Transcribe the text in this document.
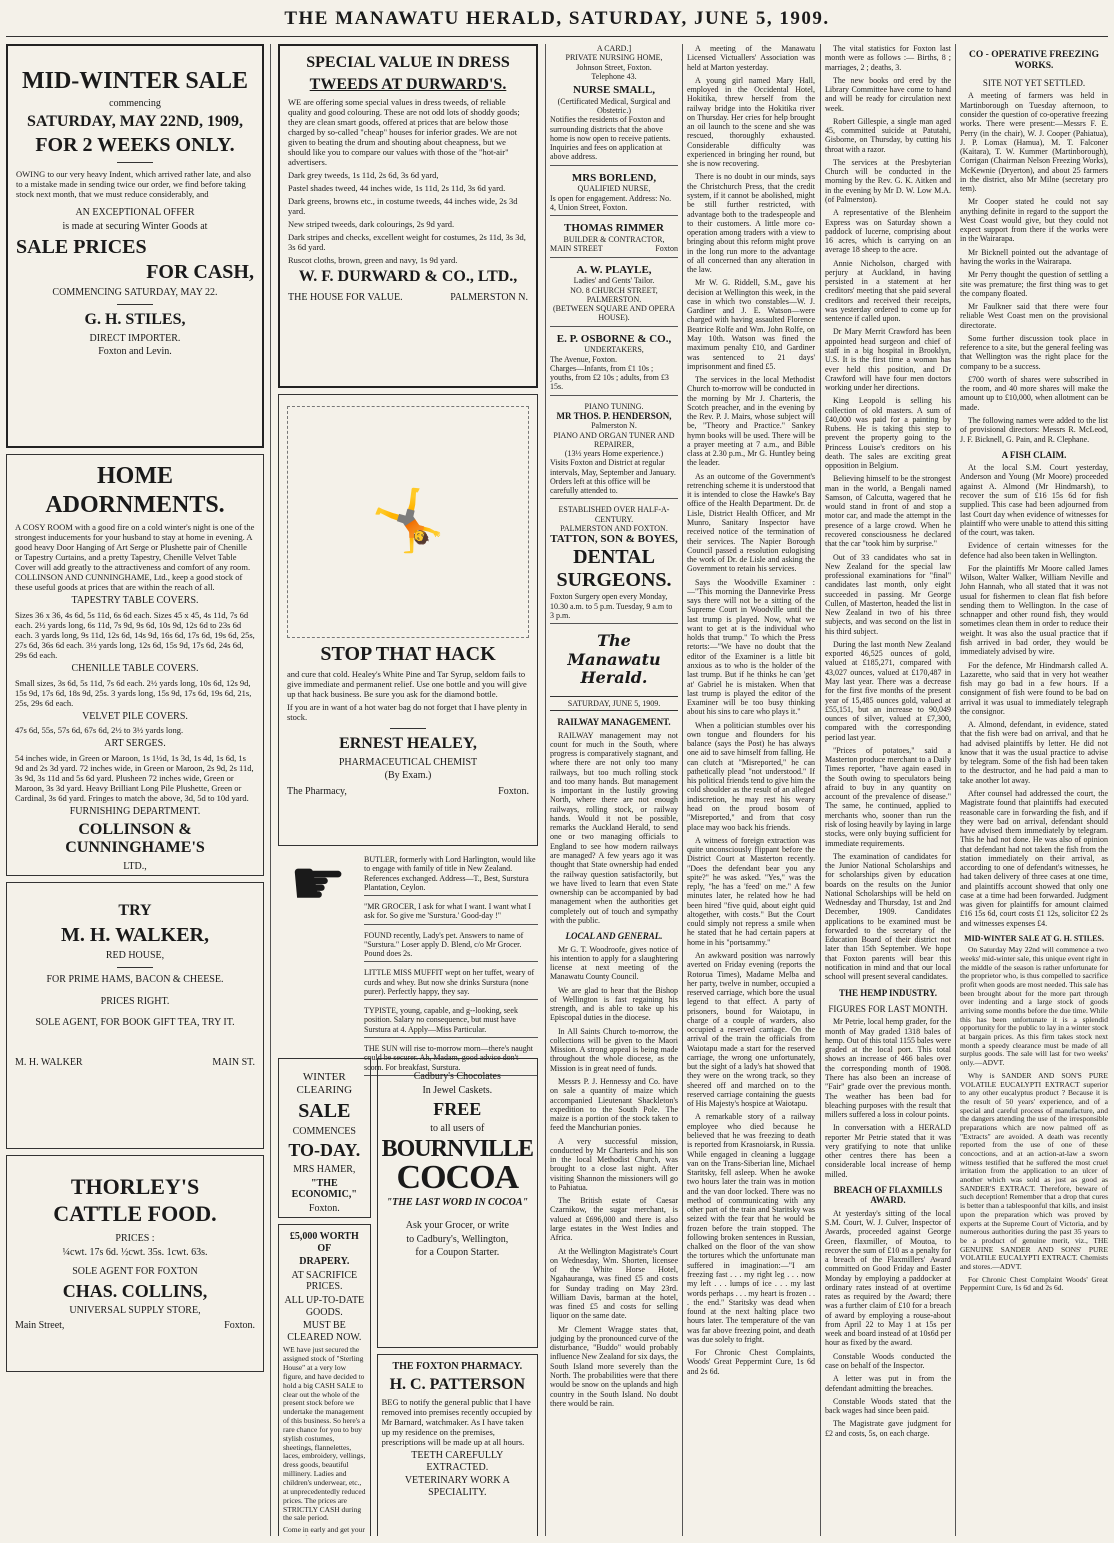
THE MANAWATU HERALD, SATURDAY, JUNE 5, 1909.
MID-WINTER SALE
commencing
SATURDAY, MAY 22ND, 1909,
FOR 2 WEEKS ONLY.
OWING to our very heavy Indent, which arrived rather late, and also to a mistake made in sending twice our order, we find before taking stock next month, that we must reduce considerably, and
AN EXCEPTIONAL OFFER
is made at securing Winter Goods at
SALE PRICES
FOR CASH,
COMMENCING SATURDAY, MAY 22.
G. H. STILES,
DIRECT IMPORTER.
Foxton and Levin.
HOME
ADORNMENTS.
A COSY ROOM with a good fire on a cold winter's night is one of the strongest inducements for your husband to stay at home in evening. A good heavy Door Hanging of Art Serge or Plushette pair of Chenille or Tapestry Curtains, and a pretty Tapestry, Chenille Velvet Table Cover will add greatly to the attractiveness and comfort of any room. COLLINSON AND CUNNINGHAME, Ltd., keep a good stock of these useful goods at prices that are within the reach of all.
TAPESTRY TABLE COVERS.
Sizes 36 x 36, 4s 6d, 5s 11d, 6s 6d each. Sizes 45 x 45, 4s 11d, 7s 6d each. 2½ yards long, 6s 11d, 7s 9d, 9s 6d, 10s 9d, 12s 6d to 23s 6d each. 3 yards long, 9s 11d, 12s 6d, 14s 9d, 16s 6d, 17s 6d, 19s 6d, 25s, 27s 6d, 36s 6d each. 3½ yards long, 12s 6d, 15s 9d, 17s 6d, 24s 6d, 29s 6d each.
CHENILLE TABLE COVERS.
Small sizes, 3s 6d, 5s 11d, 7s 6d each. 2½ yards long, 10s 6d, 12s 9d, 15s 9d, 17s 6d, 18s 9d, 25s. 3 yards long, 15s 9d, 17s 6d, 19s 6d, 21s, 25s, 29s 6d each.
VELVET PILE COVERS.
47s 6d, 55s, 57s 6d, 67s 6d, 2½ to 3½ yards long.
ART SERGES.
54 inches wide, in Green or Maroon, 1s 1½d, 1s 3d, 1s 4d, 1s 6d, 1s 9d and 2s 3d yard. 72 inches wide, in Green or Maroon, 2s 9d, 2s 11d, 3s 9d, 3s 11d and 5s 6d yard. Plusheen 72 inches wide, Green or Maroon, 3s 3d yard. Heavy Brilliant Long Pile Plushette, Green or Cardinal, 3s 6d yard. Fringes to match the above, 3d, 5d to 10d yard.
FURNISHING DEPARTMENT.
COLLINSON & CUNNINGHAME'S
LTD.,
TRY
M. H. WALKER,
RED HOUSE,
FOR PRIME HAMS, BACON & CHEESE.
PRICES RIGHT.
SOLE AGENT, FOR BOOK GIFT TEA, TRY IT.
M. H. WALKER	MAIN ST.
THORLEY'S
CATTLE FOOD.
PRICES :
¼cwt. 17s 6d. ½cwt. 35s. 1cwt. 63s.
SOLE AGENT FOR FOXTON
CHAS. COLLINS,
UNIVERSAL SUPPLY STORE,
Main Street,	Foxton.
SPECIAL VALUE IN DRESS
TWEEDS AT DURWARD'S.
WE are offering some special values in dress tweeds, of reliable quality and good colouring. These are not odd lots of shoddy goods; they are clean smart goods, offered at prices that are below those charged by so-called "cheap" houses for inferior grades. We are not given to beating the drum and shouting about cheapness, but we should like you to compare our values with those of the "hot-air" advertisers.
Dark grey tweeds, 1s 11d, 2s 6d, 3s 6d yard,
Pastel shades tweed, 44 inches wide, 1s 11d, 2s 11d, 3s 6d yard.
Dark greens, browns etc., in costume tweeds, 44 inches wide, 2s 3d yard.
New striped tweeds, dark colourings, 2s 9d yard.
Dark stripes and checks, excellent weight for costumes, 2s 11d, 3s 3d, 3s 6d yard.
Ruscot cloths, brown, green and navy, 1s 9d yard.
W. F. DURWARD & CO., LTD.,
THE HOUSE FOR VALUE.	PALMERSTON N.
🤸
STOP THAT HACK
and cure that cold. Healey's White Pine and Tar Syrup, seldom fails to give immediate and permanent relief. Use one bottle and you will give up that hack business. Be sure you ask for the diamond bottle.
If you are in want of a hot water bag do not forget that I have plenty in stock.
ERNEST HEALEY,
PHARMACEUTICAL CHEMIST
(By Exam.)
The Pharmacy,	Foxton.
☛	BUTLER, formerly with Lord Harlington, would like to engage with family of title in New Zealand. References exchanged. Address—T., Best, Surstura Plantation, Ceylon.
"MR GROCER, I ask for what I want. I want what I ask for. So give me 'Surstura.' Good-day !"
FOUND recently, Lady's pet. Answers to name of "Surstura." Loser apply D. Blend, c/o Mr Grocer. Pound does 2s.
LITTLE MISS MUFFIT wept on her tuffet, weary of curds and whey. But now she drinks Surstura (none purer). Perfectly happy, they say.
TYPISTE, young, capable, and g--looking, seek position. Salary no consequence, but must have Surstura at 4. Apply—Miss Particular.
THE SUN will rise to-morrow morn—there's naught could be securer. Ah, Madam, good advice don't scorn. For breakfast, Surstura.
WINTER CLEARING
SALE
COMMENCES
TO-DAY.
MRS HAMER,
"THE ECONOMIC,"
Foxton.
£5,000 WORTH OF
DRAPERY.
AT SACRIFICE PRICES.
ALL UP-TO-DATE GOODS.
MUST BE CLEARED NOW.
WE have just secured the assigned stock of "Sterling House" at a very low figure, and have decided to hold a big CASH SALE to clear out the whole of the present stock before we undertake the management of this business. So here's a rare chance for you to buy stylish costumes, sheetings, flannelettes, laces, embroidery, vellings, dress goods, beautiful millinery. Ladies and children's underwear, etc., at unprecedentedly reduced prices. The prices are STRICTLY CASH during the sale period.
Come in early and get your
Cadbury's Chocolates
In Jewel Caskets.
FREE
to all users of
BOURNVILLE
COCOA
"THE LAST WORD IN COCOA"
Ask your Grocer, or write
to Cadbury's, Wellington,
for a Coupon Starter.
THE FOXTON PHARMACY.
H. C. PATTERSON
BEG to notify the general public that I have removed into premises recently occupied by Mr Barnard, watchmaker. As I have taken up my residence on the premises, prescriptions will be made up at all hours.
TEETH CAREFULLY EXTRACTED.
VETERINARY WORK A SPECIALITY.
A CARD.]
PRIVATE NURSING HOME,
Johnson Street, Foxton.
Telephone 43.
NURSE SMALL,
(Certificated Medical, Surgical and Obstetric.)
Notifies the residents of Foxton and surrounding districts that the above home is now open to receive patients. Inquiries and fees on application at above address.
MRS BORLEND,
QUALIFIED NURSE,
Is open for engagement. Address: No. 4, Union Street, Foxton.
THOMAS RIMMER
BUILDER & CONTRACTOR,
MAIN STREET	Foxton
A. W. PLAYLE,
Ladies' and Gents' Tailor.
NO. 8 CHURCH STREET, PALMERSTON.
(BETWEEN SQUARE AND OPERA HOUSE).
E. P. OSBORNE & CO.,
UNDERTAKERS,
The Avenue, Foxton.
Charges—Infants, from £1 10s ; youths, from £2 10s ; adults, from £3 15s.
PIANO TUNING.
MR THOS. P. HENDERSON,
Palmerston N.
PIANO AND ORGAN TUNER AND REPAIRER,
(13½ years Home experience.)
Visits Foxton and District at regular intervals, May, September and January. Orders left at this office will be carefully attended to.
ESTABLISHED OVER HALF-A-CENTURY.
PALMERSTON AND FOXTON.
TATTON, SON & BOYES,
DENTAL
SURGEONS.
Foxton Surgery open every Monday, 10.30 a.m. to 5 p.m. Tuesday, 9 a.m to 3 p.m.
The Manawatu Herald.
SATURDAY, JUNE 5, 1909.
RAILWAY MANAGEMENT.
RAILWAY management may not count for much in the South, where progress is comparatively stagnant, and where there are not only too many railways, but too much rolling stock and too many hands. But management is important in the lustily growing North, where there are not enough railways, rolling stock, or railway hands. Would it not be possible, remarks the Auckland Herald, to send one or two managing officials to England to see how modern railways are managed? A few years ago it was thought that State ownership had ended the railway question satisfactorily, but we have lived to learn that even State ownership can be accompanied by bad management when the authorities get completely out of touch and sympathy with the public.
LOCAL AND GENERAL.
Mr G. T. Woodroofe, gives notice of his intention to apply for a slaughtering license at next meeting of the Manawatu County Council.
We are glad to hear that the Bishop of Wellington is fast regaining his strength, and is able to take up his Episcopal duties in the diocese.
In All Saints Church to-morrow, the collections will be given to the Maori Mission. A strong appeal is being made throughout the whole diocese, as the Mission is in great need of funds.
Messrs P. J. Hennessy and Co. have on sale a quantity of maize which accompanied Lieutenant Shackleton's expedition to the South Pole. The maize is a portion of the stock taken to feed the Manchurian ponies.
A very successful mission, conducted by Mr Charteris and his son in the local Methodist Church, was brought to a close last night. After visiting Shannon the missioners will go to Pahiatua.
The British estate of Caesar Czarnikow, the sugar merchant, is valued at £696,000 and there is also large estates in the West Indies and Africa.
At the Wellington Magistrate's Court on Wednesday, Wm. Shorten, licensee of the White Horse Hotel, Ngahauranga, was fined £5 and costs for Sunday trading on May 23rd. William Davis, barman at the hotel, was fined £5 and costs for selling liquor on the same date.
Mr Clement Wragge states that, judging by the pronounced curve of the disturbance, "Buddo" would probably influence New Zealand for six days, the South Island more severely than the North. The probabilities were that there would be snow on the uplands and high country in the South Island. No doubt there would be rain.
A meeting of the Manawatu Licensed Victuallers' Association was held at Marton yesterday.
A young girl named Mary Hall, employed in the Occidental Hotel, Hokitika, threw herself from the railway bridge into the Hokitika river on Thursday. Her cries for help brought an oil launch to the scene and she was rescued, thoroughly exhausted. Considerable difficulty was experienced in bringing her round, but she is now recovering.
There is no doubt in our minds, says the Christchurch Press, that the credit system, if it cannot be abolished, might be still further restricted, with advantage both to the tradespeople and to their customers. A little more co-operation among traders with a view to bringing about this reform might prove in the long run more to the advantage of all concerned than any alteration in the law.
Mr W. G. Riddell, S.M., gave his decision at Wellington this week, in the case in which two constables—W. J. Gardiner and J. E. Watson—were charged with having assaulted Florence Beatrice Rolfe and Wm. John Rolfe, on May 10th. Watson was fined the maximum penalty £10, and Gardiner was sentenced to 21 days' imprisonment and fined £5.
The services in the local Methodist Church to-morrow will be conducted in the morning by Mr J. Charteris, the Scotch preacher, and in the evening by the Rev. P. J. Mairs, whose subject will be, "Theory and Practice." Sankey hymn books will be used. There will be a prayer meeting at 7 a.m., and Bible class at 2.30 p.m., Mr G. Huntley being the leader.
As an outcome of the Government's retrenching scheme it is understood that it is intended to close the Hawke's Bay office of the Health Department. Dr. de Lisle, District Health Officer, and Mr Munro, Sanitary Inspector have received notice of the termination of their services. The Napier Borough Council passed a resolution eulogising the work of Dr. de Lisle and asking the Government to retain his services.
Says the Woodville Examiner :—"This morning the Dannevirke Press says there will not be a sitting of the Supreme Court in Woodville until the last trump is played. Now, what we want to get at is the individual who holds that trump." To which the Press retorts:—"We have no doubt that the editor of the Examiner is a little bit anxious as to who is the holder of the last trump. But if he thinks he can 'get at' Gabriel he is mistaken. When that last trump is played the editor of the Examiner will be too busy thinking about his sins to care who plays it."
When a politician stumbles over his own tongue and flounders for his balance (says the Post) he has always one aid to save himself from falling. He can clutch at "Misreported," he can pathetically plead "not understood." If his political friends tend to give him the cold shoulder as the result of an alleged indiscretion, he may rest his weary head on the proud bosom of "Misreported," and from that cosy place may woo back his friends.
A witness of foreign extraction was quite unconsciously flippant before the District Court at Masterton recently. "Does the defendant bear you any spite?" he was asked. "Yes," was the reply, "he has a 'feed' on me." A few minutes later, he related how he had been hired "five quid, about eight quid altogether, with costs." But the Court could simply not repress a smile when he stated that he had certain papers at home in his "portsammy."
An awkward position was narrowly averted on Friday evening (reports the Rotorua Times), Madame Melba and her party, twelve in number, occupied a reserved carriage, which bore the usual legend to that effect. A party of prisoners, bound for Waiotapu, in charge of a couple of warders, also occupied a reserved carriage. On the arrival of the train the officials from Waiotapu made a start for the reserved carriage, the wrong one unfortunately, but the sight of a lady's hat showed that they were on the wrong track, so they sheered off and marched on to the reserved carriage containing the guests of His Majesty's hospice at Waiotapu.
A remarkable story of a railway employee who died because he believed that he was freezing to death is reported from Krasnoiarsk, in Russia. While engaged in cleaning a luggage van on the Trans-Siberian line, Michael Staritsky, fell asleep. When he awoke two hours later the train was in motion and the van door locked. There was no method of communicating with any other part of the train and Staritsky was seized with the fear that he would be frozen before the train stopped. The following broken sentences in Russian, chalked on the floor of the van show the tortures which the unfortunate man suffered in imagination:—"I am freezing fast . . . my right leg . . . now my left . . . lumps of ice . . . my last words perhaps . . . my heart is frozen . . . the end." Staritsky was dead when found at the next halting place two hours later. The temperature of the van was far above freezing point, and death was due solely to fright.
For Chronic Chest Complaints, Woods' Great Peppermint Cure, 1s 6d and 2s 6d.
The vital statistics for Foxton last month were as follows :— Births, 8 ; marriages, 2 ; deaths, 3.
The new books ord ered by the Library Committee have come to hand and will be ready for circulation next week.
Robert Gillespie, a single man aged 45, committed suicide at Patutahi, Gisborne, on Thursday, by cutting his throat with a razor.
The services at the Presbyterian Church will be conducted in the morning by the Rev. G. K. Aitken and in the evening by Mr D. W. Low M.A. (of Palmerston).
A representative of the Blenheim Express was on Saturday shown a paddock of lucerne, comprising about 16 acres, which is carrying on an average 18 sheep to the acre.
Annie Nicholson, charged with perjury at Auckland, in having persisted in a statement at her creditors' meeting that she paid several creditors and received their receipts, was yesterday ordered to come up for sentence if called upon.
Dr Mary Merrit Crawford has been appointed head surgeon and chief of staff in a big hospital in Brooklyn, U.S. It is the first time a woman has ever held this position, and Dr Crawford will have four men doctors working under her directions.
King Leopold is selling his collection of old masters. A sum of £40,000 was paid for a painting by Rubens. He is taking this step to prevent the property going to the Princess Louise's creditors on his death. The sales are exciting great opposition in Belgium.
Believing himself to be the strongest man in the world, a Bengali named Samson, of Calcutta, wagered that he would stand in front of and stop a motor car, and made the attempt in the presence of a large crowd. When he recovered consciousness he declared that the car "took him by surprise."
Out of 33 candidates who sat in New Zealand for the special law professional examinations for "final" candidates last month, only eight succeeded in passing. Mr George Cullen, of Masterton, headed the list in New Zealand in two of his three subjects, and was second on the list in his third subject.
During the last month New Zealand exported 46,525 ounces of gold, valued at £185,271, compared with 43,027 ounces, valued at £170,487 in May last year. There was a decrease for the first five months of the present year of 15,485 ounces gold, valued at £55,151, but an increase to 90,049 ounces of silver, valued at £7,300, compared with the corresponding period last year.
"Prices of potatoes," said a Masterton produce merchant to a Daily Times reporter, "have again eased in the South owing to speculators being afraid to buy in any quantity on account of the prevalence of disease." The same, he continued, applied to merchants who, sooner than run the risk of losing heavily by laying in large stocks, were only buying sufficient for immediate requirements.
The examination of candidates for the Junior National Scholarships and for scholarships given by education boards on the results on the Junior National Scholarships will be held on Wednesday and Thursday, 1st and 2nd December, 1909. Candidates applications to be examined must be forwarded to the secretary of the Education Board of their district not later than 15th September. We hope that Foxton parents will bear this notification in mind and that our local school will present several candidates.
THE HEMP INDUSTRY.
FIGURES FOR LAST MONTH.
Mr Petrie, local hemp grader, for the month of May graded 1318 bales of hemp. Out of this total 1155 bales were graded at the local port. This total shows an increase of 466 bales over the corresponding month of 1908. There has also been an increase of "Fair" grade over the previous month. The weather has been bad for bleaching purposes with the result that millers suffered a loss in colour points.
In conversation with a HERALD reporter Mr Petrie stated that it was very gratifying to note that unlike other centres there has been a considerable local increase of hemp milled.
BREACH OF FLAXMILLS AWARD.
At yesterday's sitting of the local S.M. Court, W. J. Culver, Inspector of Awards, proceeded against George Green, flaxmiller, of Moutoa, to recover the sum of £10 as a penalty for a breach of the Flaxmillers' Award committed on Good Friday and Easter Monday by employing a paddocker at ordinary rates instead of at overtime rates as required by the Award; there was a further claim of £10 for a breach of award by employing a rouse-about from April 22 to May 1 at 15s per week and board instead of at 10s6d per hour as fixed by the award.
Constable Woods conducted the case on behalf of the Inspector.
A letter was put in from the defendant admitting the breaches.
Constable Woods stated that the back wages had since been paid.
The Magistrate gave judgment for £2 and costs, 5s, on each charge.
CO - OPERATIVE FREEZING WORKS.
SITE NOT YET SETTLED.
A meeting of farmers was held in Martinborough on Tuesday afternoon, to consider the question of co-operative freezing works. There were present:—Messrs F. E. Perry (in the chair), W. J. Cooper (Pahiatua), J. P. Lomax (Hamua), M. T. Falconer (Kaitara), T. W. Kummer (Martinborough), Corrigan (Chairman Nelson Freezing Works), McKewnie (Dryerton), and about 25 farmers in the district, also Mr Milne (secretary pro tem).
Mr Cooper stated he could not say anything definite in regard to the support the West Coast would give, but they could not expect support from there if the works were in the Wairarapa.
Mr Bicknell pointed out the advantage of having the works in the Wairarapa.
Mr Perry thought the question of settling a site was premature; the first thing was to get the company floated.
Mr Faulkner said that there were four reliable West Coast men on the provisional directorate.
Some further discussion took place in reference to a site, but the general feeling was that Wellington was the right place for the company to be a success.
£700 worth of shares were subscribed in the room, and 40 more shares will make the amount up to £10,000, when allotment can be made.
The following names were added to the list of provisional directors: Messrs R. McLeod, J. F. Bicknell, G. Pain, and R. Clephane.
A FISH CLAIM.
At the local S.M. Court yesterday, Anderson and Young (Mr Moore) proceeded against A. Almond (Mr Hindmarsh), to recover the sum of £16 15s 6d for fish supplied. This case had been adjourned from last Court day when evidence of witnesses for plaintiff who were unable to attend this sitting of the court, was taken.
Evidence of certain witnesses for the defence had also been taken in Wellington.
For the plaintiffs Mr Moore called James Wilson, Walter Walker, William Neville and John Hannah, who all stated that it was not usual for fishermen to clean flat fish before sending them to Wellington. In the case of schnapper and other round fish, they would sometimes clean them in order to reduce their weight. It was also the usual practice that if fish arrived in bad order, they would be immediately advised by wire.
For the defence, Mr Hindmarsh called A. Lazarette, who said that in very hot weather fish may go bad in a few hours. If a consignment of fish were found to be bad on arrival it was usual to immediately telegraph the consignor.
A. Almond, defendant, in evidence, stated that the fish were bad on arrival, and that he had advised plaintiffs by letter. He did not know that it was the usual practice to advise by telegram. Some of the fish had been taken to the destructor, and he had paid a man to take another lot away.
After counsel had addressed the court, the Magistrate found that plaintiffs had executed reasonable care in forwarding the fish, and if they were bad on arrival, defendant should have advised them immediately by telegram. This he had not done. He was also of opinion that defendant had not taken the fish from the station immediately on their arrival, as according to one of defendant's witnesses, he had taken delivery of three cases at one time, and plaintiffs account showed that only one case at a time had been forwarded. Judgment was given for plaintiffs for amount claimed £16 15s 6d, court costs £1 12s, solicitor £2 2s and witnesses expenses £4.
MID-WINTER SALE AT G. H. STILES.
On Saturday May 22nd will commence a two weeks' mid-winter sale, this unique event right in the middle of the season is rather unfortunate for the proprietor who, is thus compelled to sacrifice profit when goods are most needed. This sale has been brought about for the more part through over indenting and a large stock of goods arriving some months before the due time. While this has been unfortunate it is a splendid opportunity for the public to lay in a winter stock at bargain prices. As this firm takes stock next month a speedy clearance must be made of all surplus goods. The sale will last for two weeks' only.—ADVT.
Why is SANDER AND SON'S PURE VOLATILE EUCALYPTI EXTRACT superior to any other eucalyptus product ? Because it is the result of 50 years' experience, and of a special and careful process of manufacture, and the dangers attending the use of the irresponsible preparations which are now palmed off as "Extracts" are avoided. A death was recently reported from the use of one of these concoctions, and at an action-at-law a sworn witness testified that he suffered the most cruel irritation from the application to an ulcer of another which was sold as just as good as SANDER'S EXTRACT. Therefore, beware of such deception! Remember that a drop that cures is better than a tablespoonful that kills, and insist upon the preparation which was proved by experts at the Supreme Court of Victoria, and by numerous authorities during the past 35 years to be a product of genuine merit, viz., THE GENUINE SANDER AND SONS' PURE VOLATILE EUCALYPTI EXTRACT. Chemists and stores.—ADVT.
For Chronic Chest Complaint Woods' Great Peppermint Cure, 1s 6d and 2s 6d.
